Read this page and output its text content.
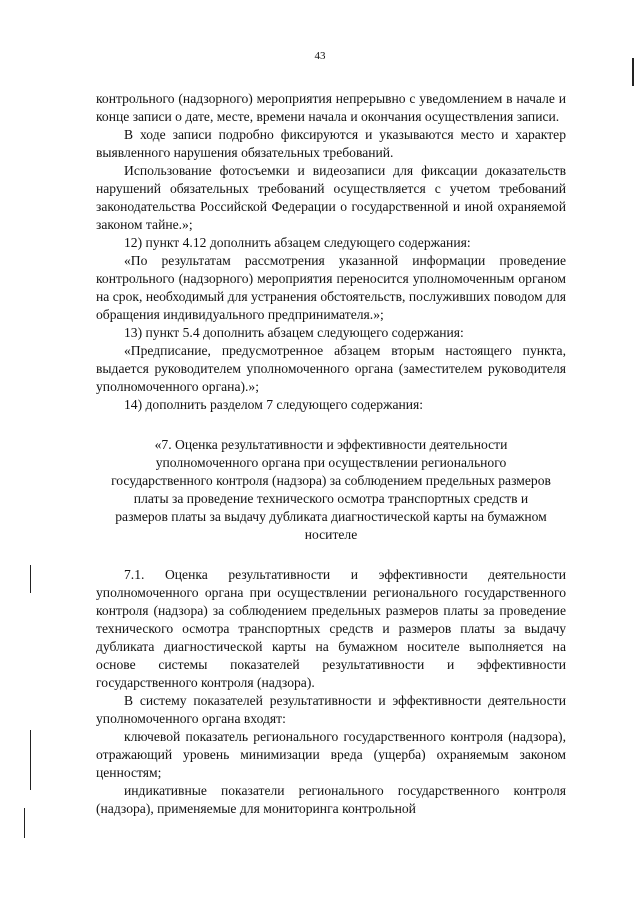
43

контрольного (надзорного) мероприятия непрерывно с уведомлением в начале и конце записи о дате, месте, времени начала и окончания осуществления записи.

В ходе записи подробно фиксируются и указываются место и характер выявленного нарушения обязательных требований.

Использование фотосъемки и видеозаписи для фиксации доказательств нарушений обязательных требований осуществляется с учетом требований законодательства Российской Федерации о государственной и иной охраняемой законом тайне.»;

12) пункт 4.12 дополнить абзацем следующего содержания:

«По результатам рассмотрения указанной информации проведение контрольного (надзорного) мероприятия переносится уполномоченным органом на срок, необходимый для устранения обстоятельств, послуживших поводом для обращения индивидуального предпринимателя.»;

13) пункт 5.4 дополнить абзацем следующего содержания:

«Предписание, предусмотренное абзацем вторым настоящего пункта, выдается руководителем уполномоченного органа (заместителем руководителя уполномоченного органа).»;

14) дополнить разделом 7 следующего содержания:

«7. Оценка результативности и эффективности деятельности уполномоченного органа при осуществлении регионального государственного контроля (надзора) за соблюдением предельных размеров платы за проведение технического осмотра транспортных средств и размеров платы за выдачу дубликата диагностической карты на бумажном носителе

7.1. Оценка результативности и эффективности деятельности уполномоченного органа при осуществлении регионального государственного контроля (надзора) за соблюдением предельных размеров платы за проведение технического осмотра транспортных средств и размеров платы за выдачу дубликата диагностической карты на бумажном носителе выполняется на основе системы показателей результативности и эффективности государственного контроля (надзора).

В систему показателей результативности и эффективности деятельности уполномоченного органа входят:

ключевой показатель регионального государственного контроля (надзора), отражающий уровень минимизации вреда (ущерба) охраняемым законом ценностям;

индикативные показатели регионального государственного контроля (надзора), применяемые для мониторинга контрольной
